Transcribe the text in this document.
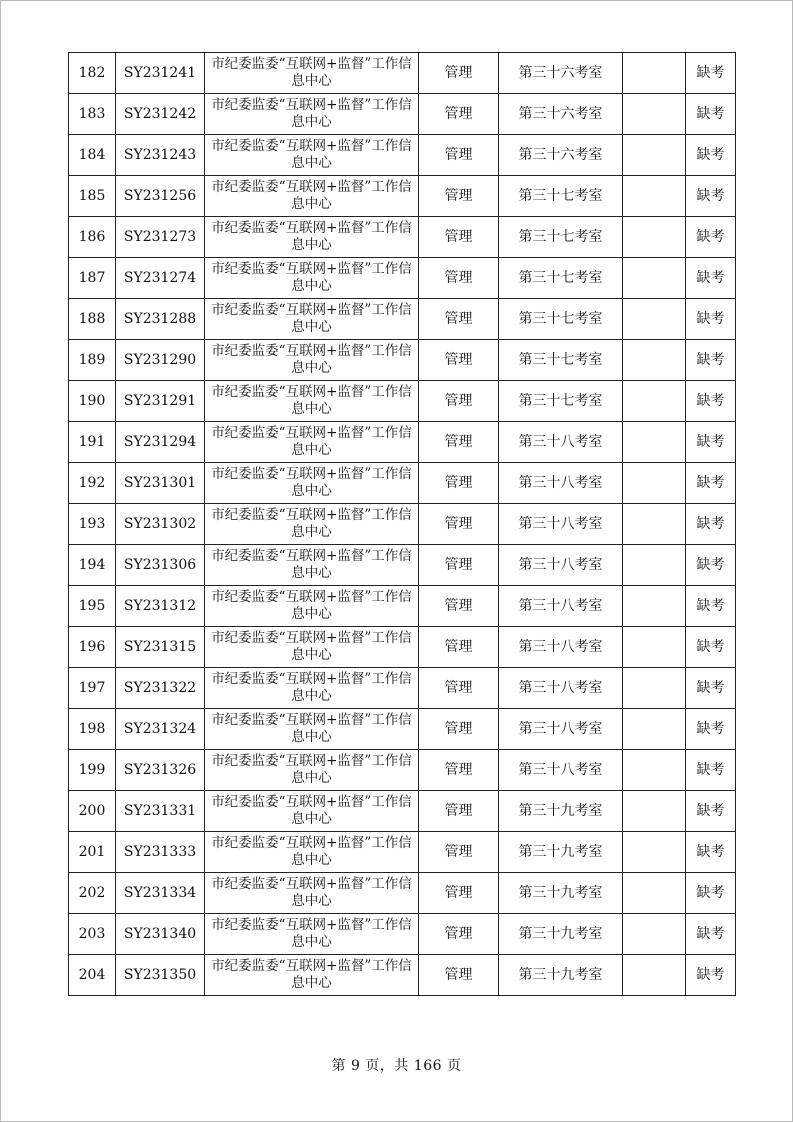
182	SY231241	市纪委监委“互联网+监督”工作信息中心	管理	第三十六考室		缺考
183	SY231242	市纪委监委“互联网+监督”工作信息中心	管理	第三十六考室		缺考
184	SY231243	市纪委监委“互联网+监督”工作信息中心	管理	第三十六考室		缺考
185	SY231256	市纪委监委“互联网+监督”工作信息中心	管理	第三十七考室		缺考
186	SY231273	市纪委监委“互联网+监督”工作信息中心	管理	第三十七考室		缺考
187	SY231274	市纪委监委“互联网+监督”工作信息中心	管理	第三十七考室		缺考
188	SY231288	市纪委监委“互联网+监督”工作信息中心	管理	第三十七考室		缺考
189	SY231290	市纪委监委“互联网+监督”工作信息中心	管理	第三十七考室		缺考
190	SY231291	市纪委监委“互联网+监督”工作信息中心	管理	第三十七考室		缺考
191	SY231294	市纪委监委“互联网+监督”工作信息中心	管理	第三十八考室		缺考
192	SY231301	市纪委监委“互联网+监督”工作信息中心	管理	第三十八考室		缺考
193	SY231302	市纪委监委“互联网+监督”工作信息中心	管理	第三十八考室		缺考
194	SY231306	市纪委监委“互联网+监督”工作信息中心	管理	第三十八考室		缺考
195	SY231312	市纪委监委“互联网+监督”工作信息中心	管理	第三十八考室		缺考
196	SY231315	市纪委监委“互联网+监督”工作信息中心	管理	第三十八考室		缺考
197	SY231322	市纪委监委“互联网+监督”工作信息中心	管理	第三十八考室		缺考
198	SY231324	市纪委监委“互联网+监督”工作信息中心	管理	第三十八考室		缺考
199	SY231326	市纪委监委“互联网+监督”工作信息中心	管理	第三十八考室		缺考
200	SY231331	市纪委监委“互联网+监督”工作信息中心	管理	第三十九考室		缺考
201	SY231333	市纪委监委“互联网+监督”工作信息中心	管理	第三十九考室		缺考
202	SY231334	市纪委监委“互联网+监督”工作信息中心	管理	第三十九考室		缺考
203	SY231340	市纪委监委“互联网+监督”工作信息中心	管理	第三十九考室		缺考
204	SY231350	市纪委监委“互联网+监督”工作信息中心	管理	第三十九考室		缺考
第 9 页，共 166 页
